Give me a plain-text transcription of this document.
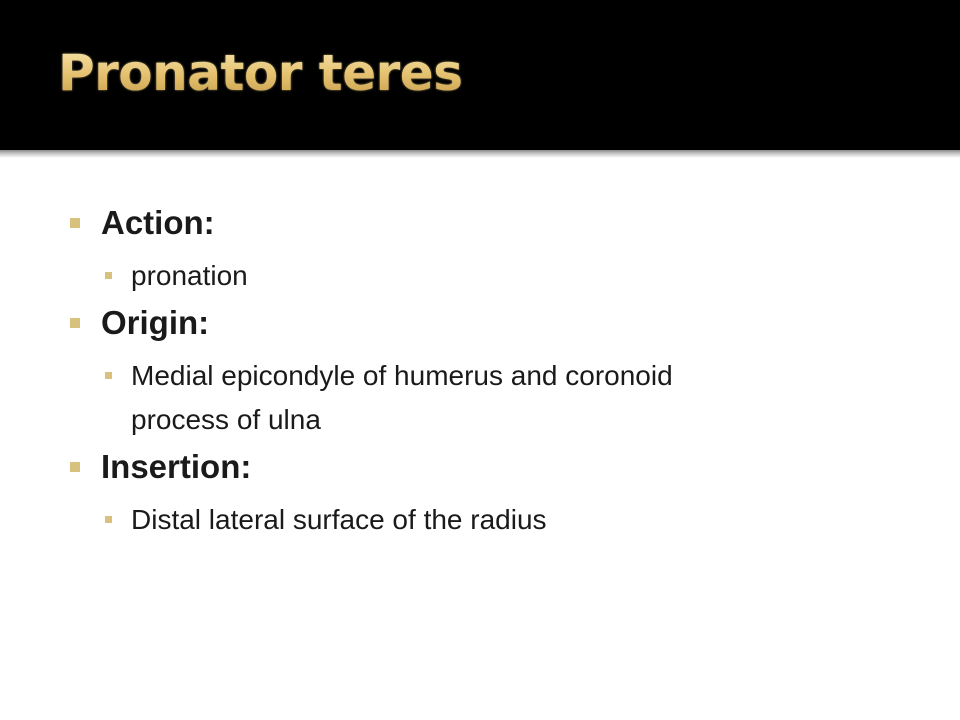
Pronator teres
Action:
pronation
Origin:
Medial epicondyle of humerus and coronoid
process of ulna
Insertion:
Distal lateral surface of the radius
